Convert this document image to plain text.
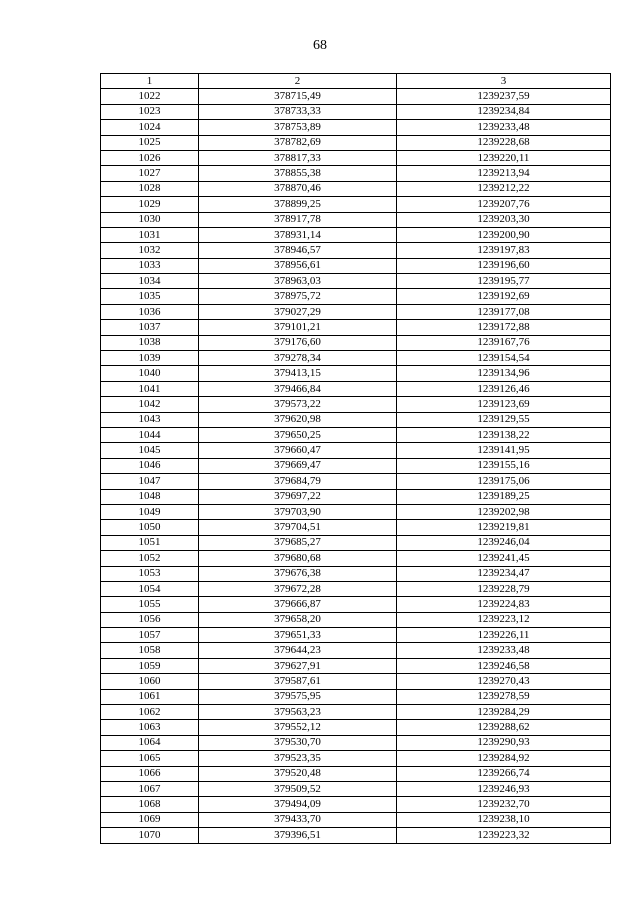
68
1	2	3
1022	378715,49	1239237,59
1023	378733,33	1239234,84
1024	378753,89	1239233,48
1025	378782,69	1239228,68
1026	378817,33	1239220,11
1027	378855,38	1239213,94
1028	378870,46	1239212,22
1029	378899,25	1239207,76
1030	378917,78	1239203,30
1031	378931,14	1239200,90
1032	378946,57	1239197,83
1033	378956,61	1239196,60
1034	378963,03	1239195,77
1035	378975,72	1239192,69
1036	379027,29	1239177,08
1037	379101,21	1239172,88
1038	379176,60	1239167,76
1039	379278,34	1239154,54
1040	379413,15	1239134,96
1041	379466,84	1239126,46
1042	379573,22	1239123,69
1043	379620,98	1239129,55
1044	379650,25	1239138,22
1045	379660,47	1239141,95
1046	379669,47	1239155,16
1047	379684,79	1239175,06
1048	379697,22	1239189,25
1049	379703,90	1239202,98
1050	379704,51	1239219,81
1051	379685,27	1239246,04
1052	379680,68	1239241,45
1053	379676,38	1239234,47
1054	379672,28	1239228,79
1055	379666,87	1239224,83
1056	379658,20	1239223,12
1057	379651,33	1239226,11
1058	379644,23	1239233,48
1059	379627,91	1239246,58
1060	379587,61	1239270,43
1061	379575,95	1239278,59
1062	379563,23	1239284,29
1063	379552,12	1239288,62
1064	379530,70	1239290,93
1065	379523,35	1239284,92
1066	379520,48	1239266,74
1067	379509,52	1239246,93
1068	379494,09	1239232,70
1069	379433,70	1239238,10
1070	379396,51	1239223,32
